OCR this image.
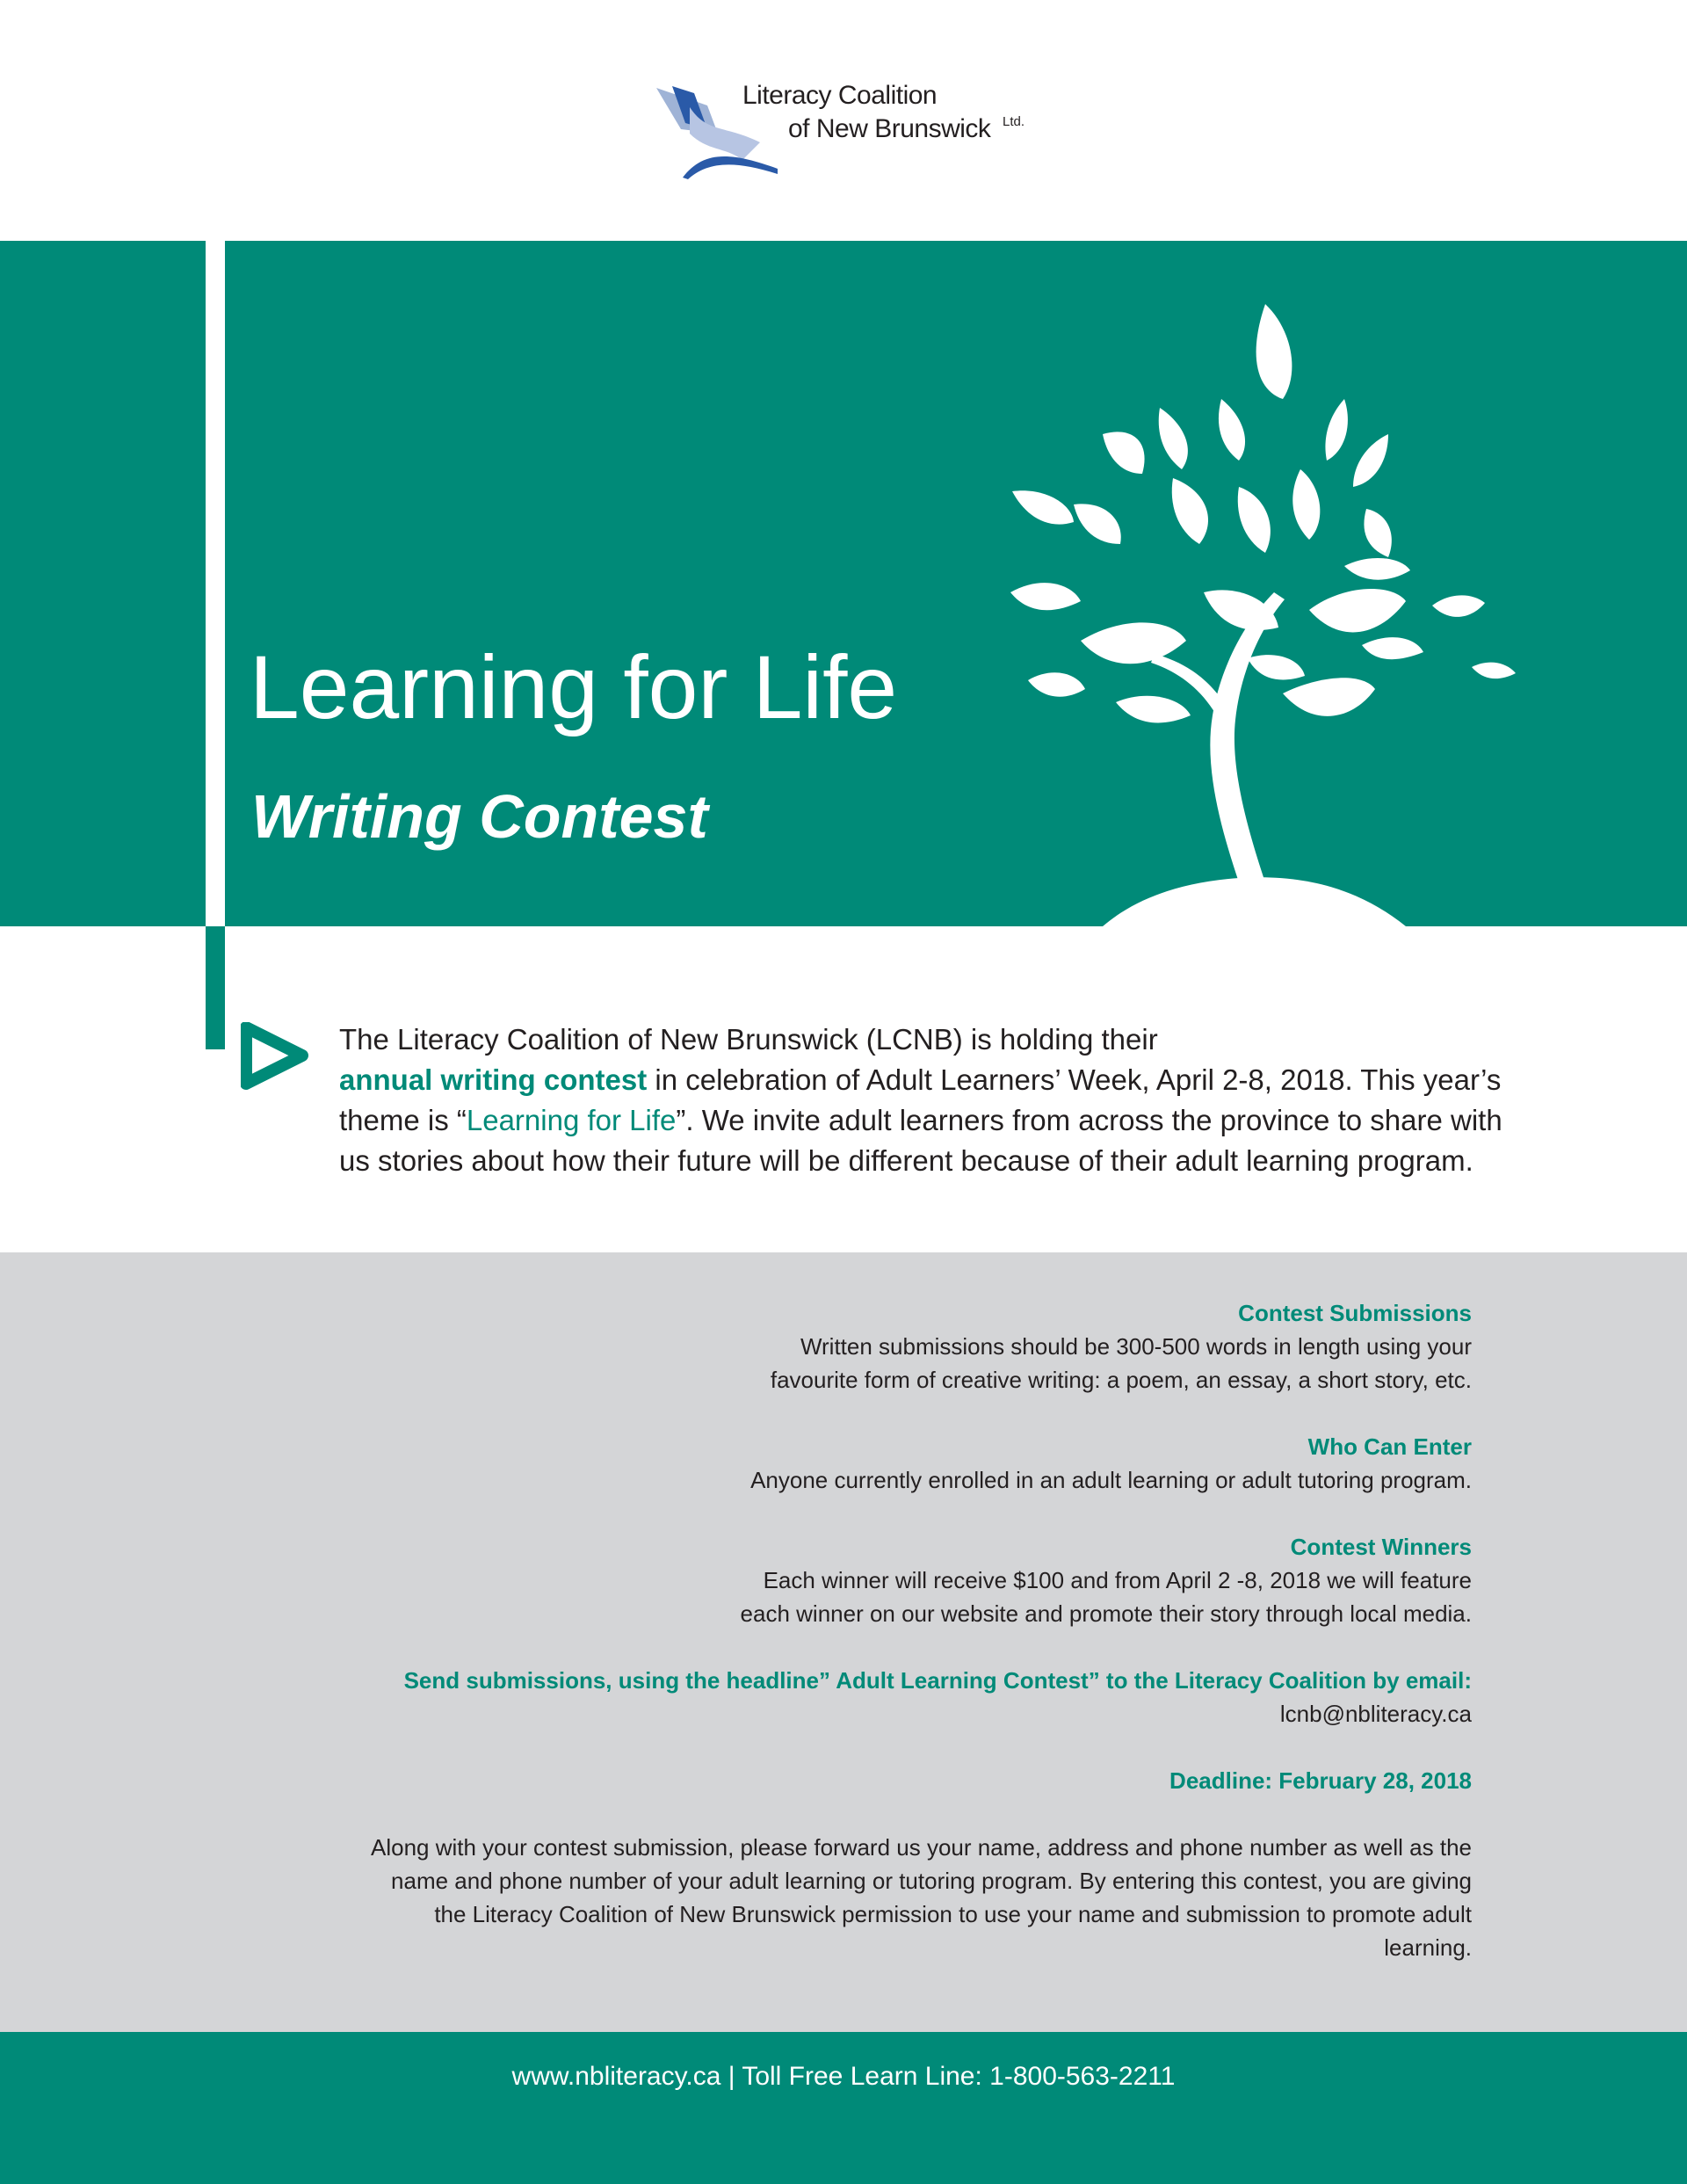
Literacy Coalition
of New Brunswick Ltd.
Learning for Life
Writing Contest
The Literacy Coalition of New Brunswick (LCNB) is holding their
annual writing contest in celebration of Adult Learners’ Week, April 2-8, 2018. This year’s theme is “Learning for Life”. We invite adult learners from across the province to share with us stories about how their future will be different because of their adult learning program.
Contest Submissions
Written submissions should be 300-500 words in length using your
favourite form of creative writing: a poem, an essay, a short story, etc.
Who Can Enter
Anyone currently enrolled in an adult learning or adult tutoring program.
Contest Winners
Each winner will receive $100 and from April 2 -8, 2018 we will feature
each winner on our website and promote their story through local media.
Send submissions, using the headline” Adult Learning Contest” to the Literacy Coalition by email:
lcnb@nbliteracy.ca
Deadline: February 28, 2018
Along with your contest submission, please forward us your name, address and phone number as well as the
name and phone number of your adult learning or tutoring program. By entering this contest, you are giving
the Literacy Coalition of New Brunswick permission to use your name and submission to promote adult
learning.
www.nbliteracy.ca | Toll Free Learn Line: 1-800-563-2211
